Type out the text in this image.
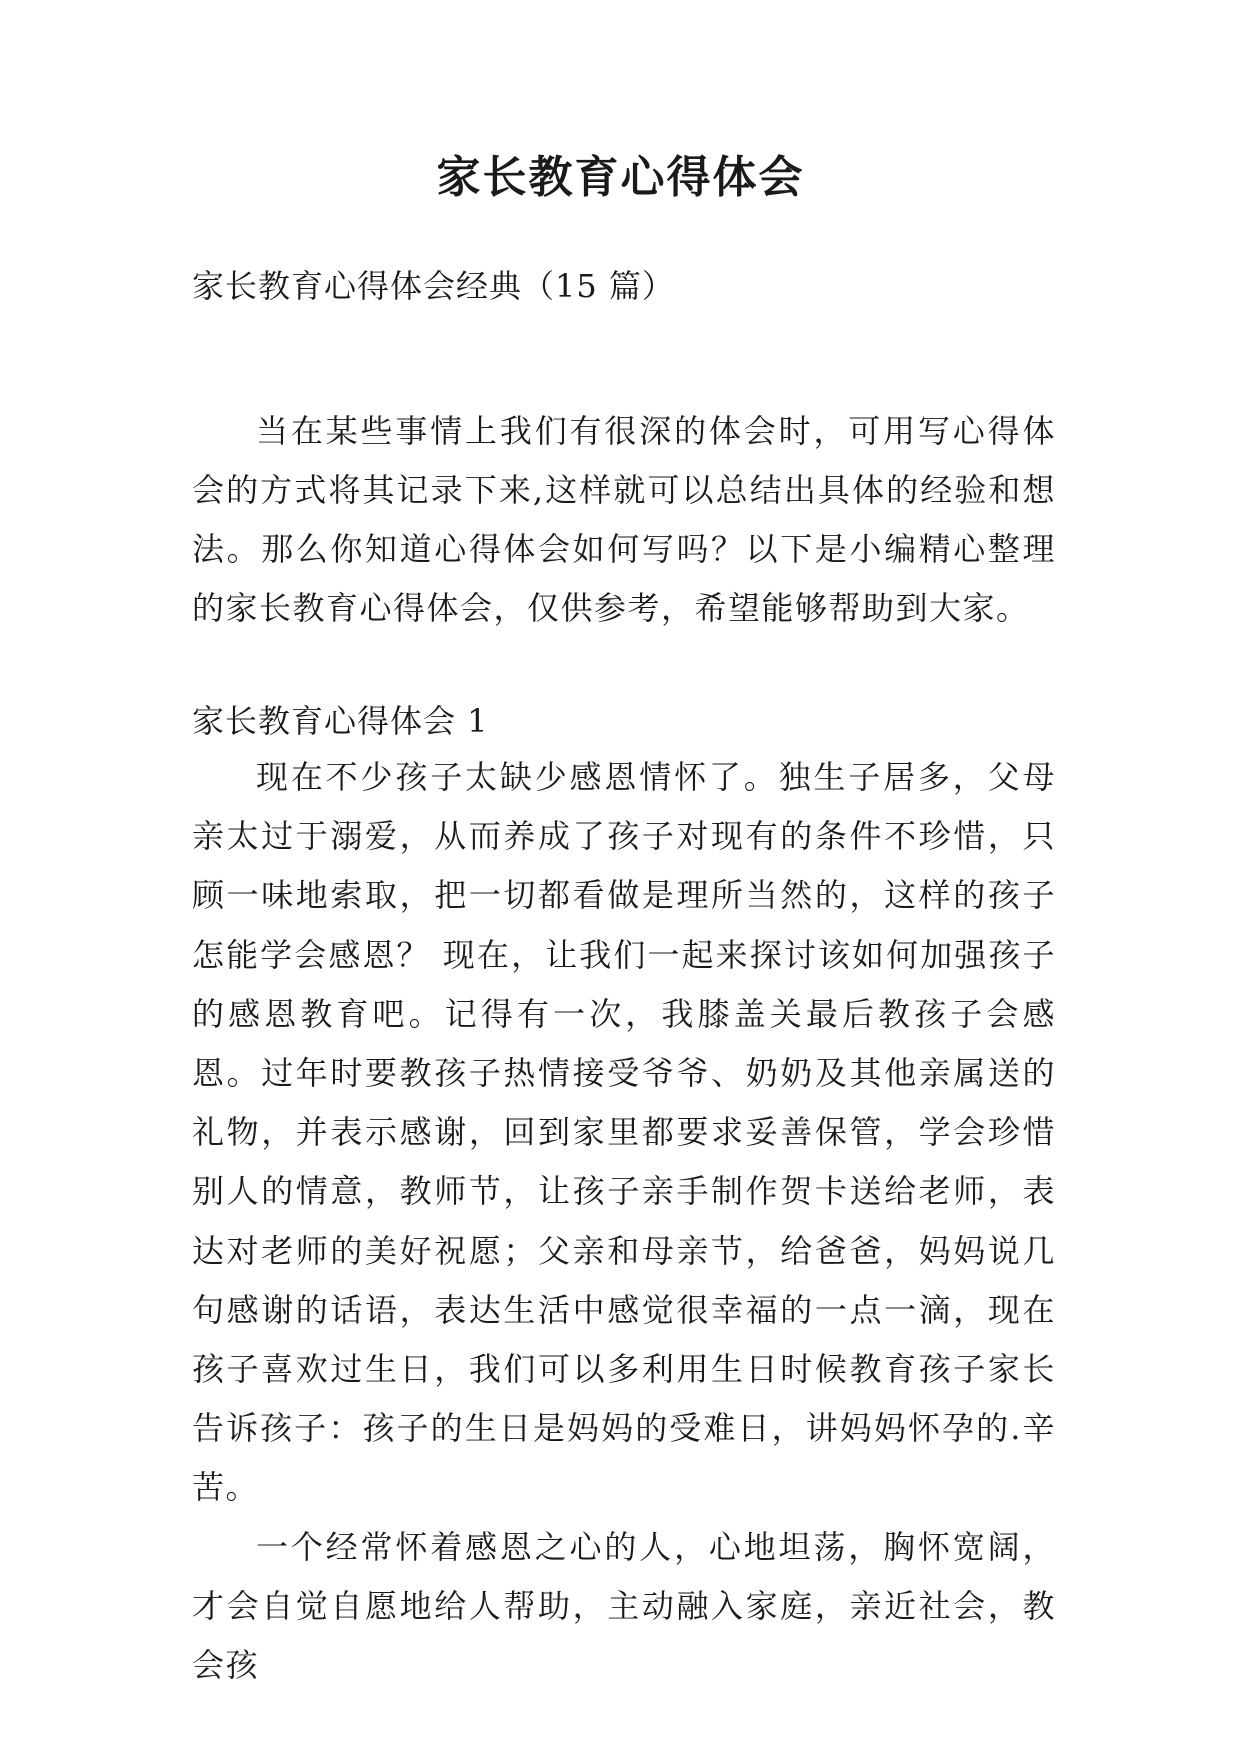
家长教育心得体会
家长教育心得体会经典（15 篇）

当在某些事情上我们有很深的体会时，可用写心得体会的方式将其记录下来,这样就可以总结出具体的经验和想法。那么你知道心得体会如何写吗？以下是小编精心整理的家长教育心得体会，仅供参考，希望能够帮助到大家。

家长教育心得体会 1

现在不少孩子太缺少感恩情怀了。独生子居多，父母亲太过于溺爱，从而养成了孩子对现有的条件不珍惜，只顾一味地索取，把一切都看做是理所当然的，这样的孩子怎能学会感恩？ 现在，让我们一起来探讨该如何加强孩子的感恩教育吧。记得有一次，我膝盖关最后教孩子会感恩。过年时要教孩子热情接受爷爷、奶奶及其他亲属送的礼物，并表示感谢，回到家里都要求妥善保管，学会珍惜别人的情意，教师节，让孩子亲手制作贺卡送给老师，表达对老师的美好祝愿；父亲和母亲节，给爸爸，妈妈说几句感谢的话语，表达生活中感觉很幸福的一点一滴，现在孩子喜欢过生日，我们可以多利用生日时候教育孩子家长告诉孩子：孩子的生日是妈妈的受难日，讲妈妈怀孕的.辛苦。

一个经常怀着感恩之心的人，心地坦荡，胸怀宽阔，才会自觉自愿地给人帮助，主动融入家庭，亲近社会，教会孩
